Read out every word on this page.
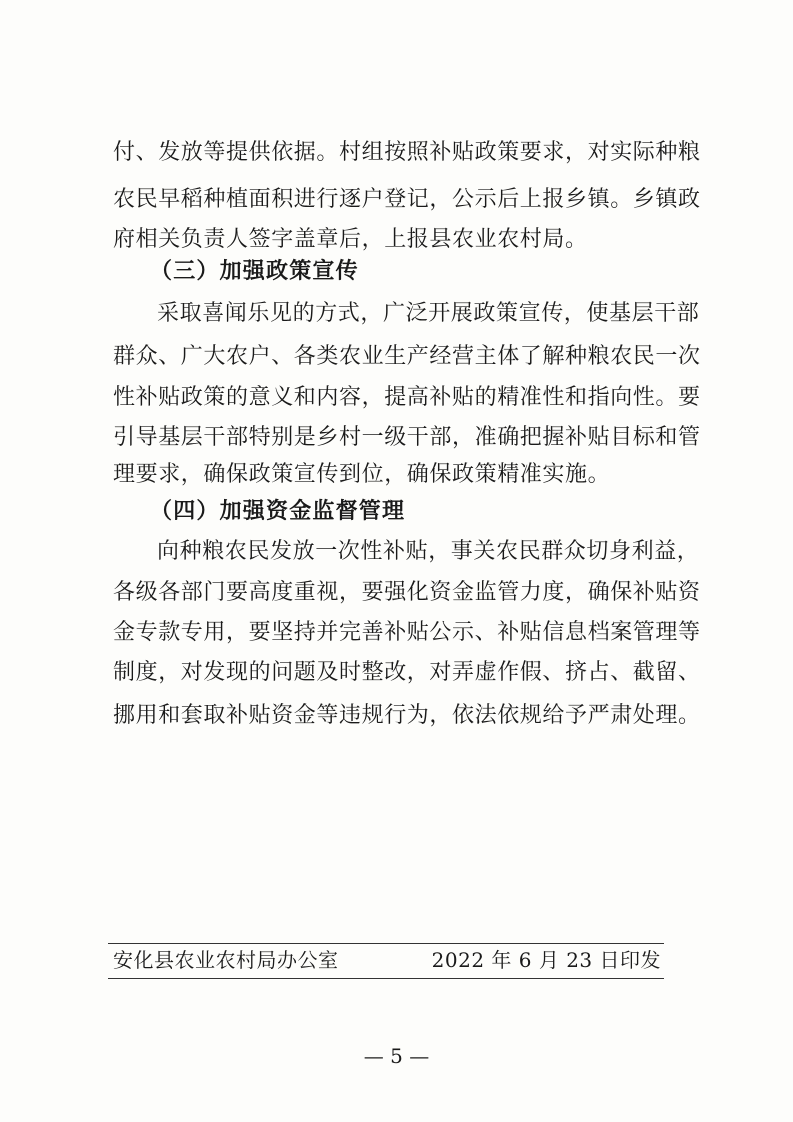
付、发放等提供依据。村组按照补贴政策要求，对实际种粮
农民早稻种植面积进行逐户登记，公示后上报乡镇。乡镇政
府相关负责人签字盖章后，上报县农业农村局。
（三）加强政策宣传
采取喜闻乐见的方式，广泛开展政策宣传，使基层干部
群众、广大农户、各类农业生产经营主体了解种粮农民一次
性补贴政策的意义和内容，提高补贴的精准性和指向性。要
引导基层干部特别是乡村一级干部，准确把握补贴目标和管
理要求，确保政策宣传到位，确保政策精准实施。
（四）加强资金监督管理
向种粮农民发放一次性补贴，事关农民群众切身利益，
各级各部门要高度重视，要强化资金监管力度，确保补贴资
金专款专用，要坚持并完善补贴公示、补贴信息档案管理等
制度，对发现的问题及时整改，对弄虚作假、挤占、截留、
挪用和套取补贴资金等违规行为，依法依规给予严肃处理。
安化县农业农村局办公室	2022 年 6 月 23 日印发
— 5 —
